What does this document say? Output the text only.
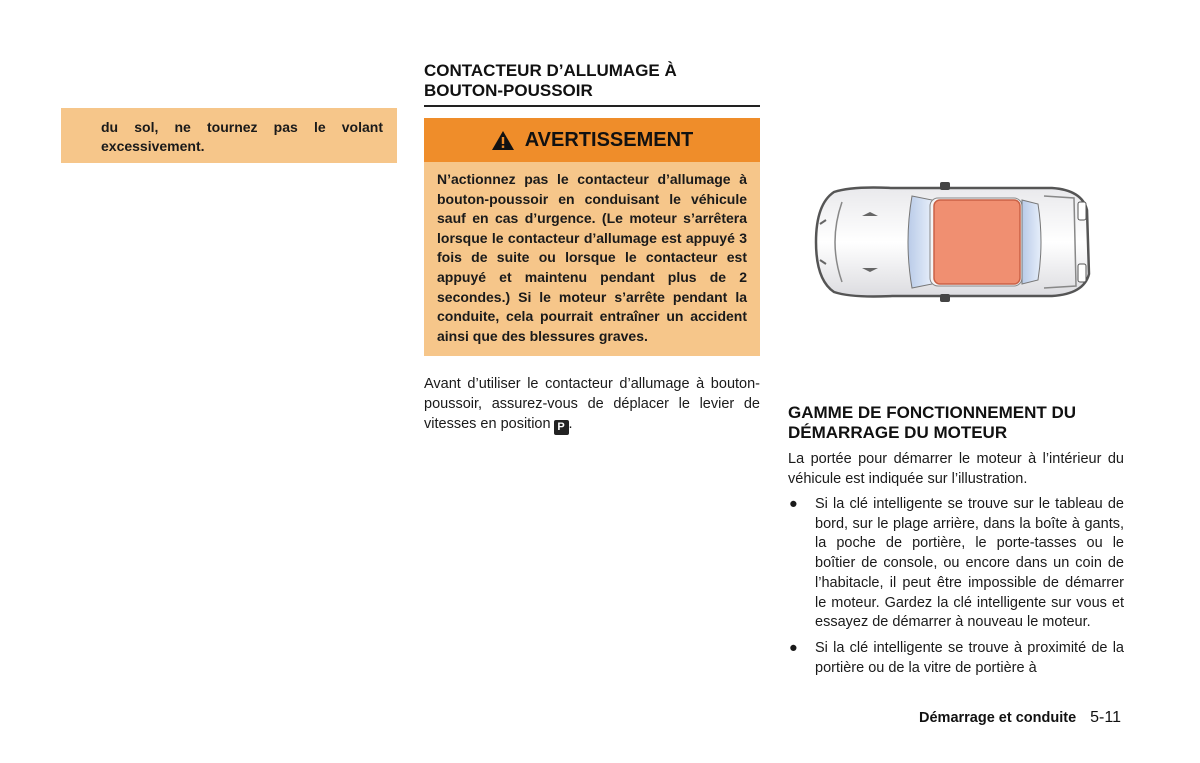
du sol, ne tournez pas le volant excessivement.
CONTACTEUR D’ALLUMAGE À BOUTON-POUSSOIR
AVERTISSEMENT
N’actionnez pas le contacteur d’allumage à bouton-poussoir en conduisant le véhicule sauf en cas d’urgence. (Le moteur s’arrêtera lorsque le contacteur d’allumage est appuyé 3 fois de suite ou lorsque le contacteur est appuyé et maintenu pendant plus de 2 secondes.) Si le moteur s’arrête pendant la conduite, cela pourrait entraîner un accident ainsi que des blessures graves.

Avant d’utiliser le contacteur d’allumage à bouton-poussoir, assurez-vous de déplacer le levier de vitesses en position P .

GAMME DE FONCTIONNEMENT DU DÉMARRAGE DU MOTEUR

La portée pour démarrer le moteur à l’intérieur du véhicule est indiquée sur l’illustration.

● Si la clé intelligente se trouve sur le tableau de bord, sur le plage arrière, dans la boîte à gants, la poche de portière, le porte-tasses ou le boîtier de console, ou encore dans un coin de l’habitacle, il peut être impossible de démarrer le moteur. Gardez la clé intelligente sur vous et essayez de démarrer à nouveau le moteur.
● Si la clé intelligente se trouve à proximité de la portière ou de la vitre de portière à
Démarrage et conduite 5-11
